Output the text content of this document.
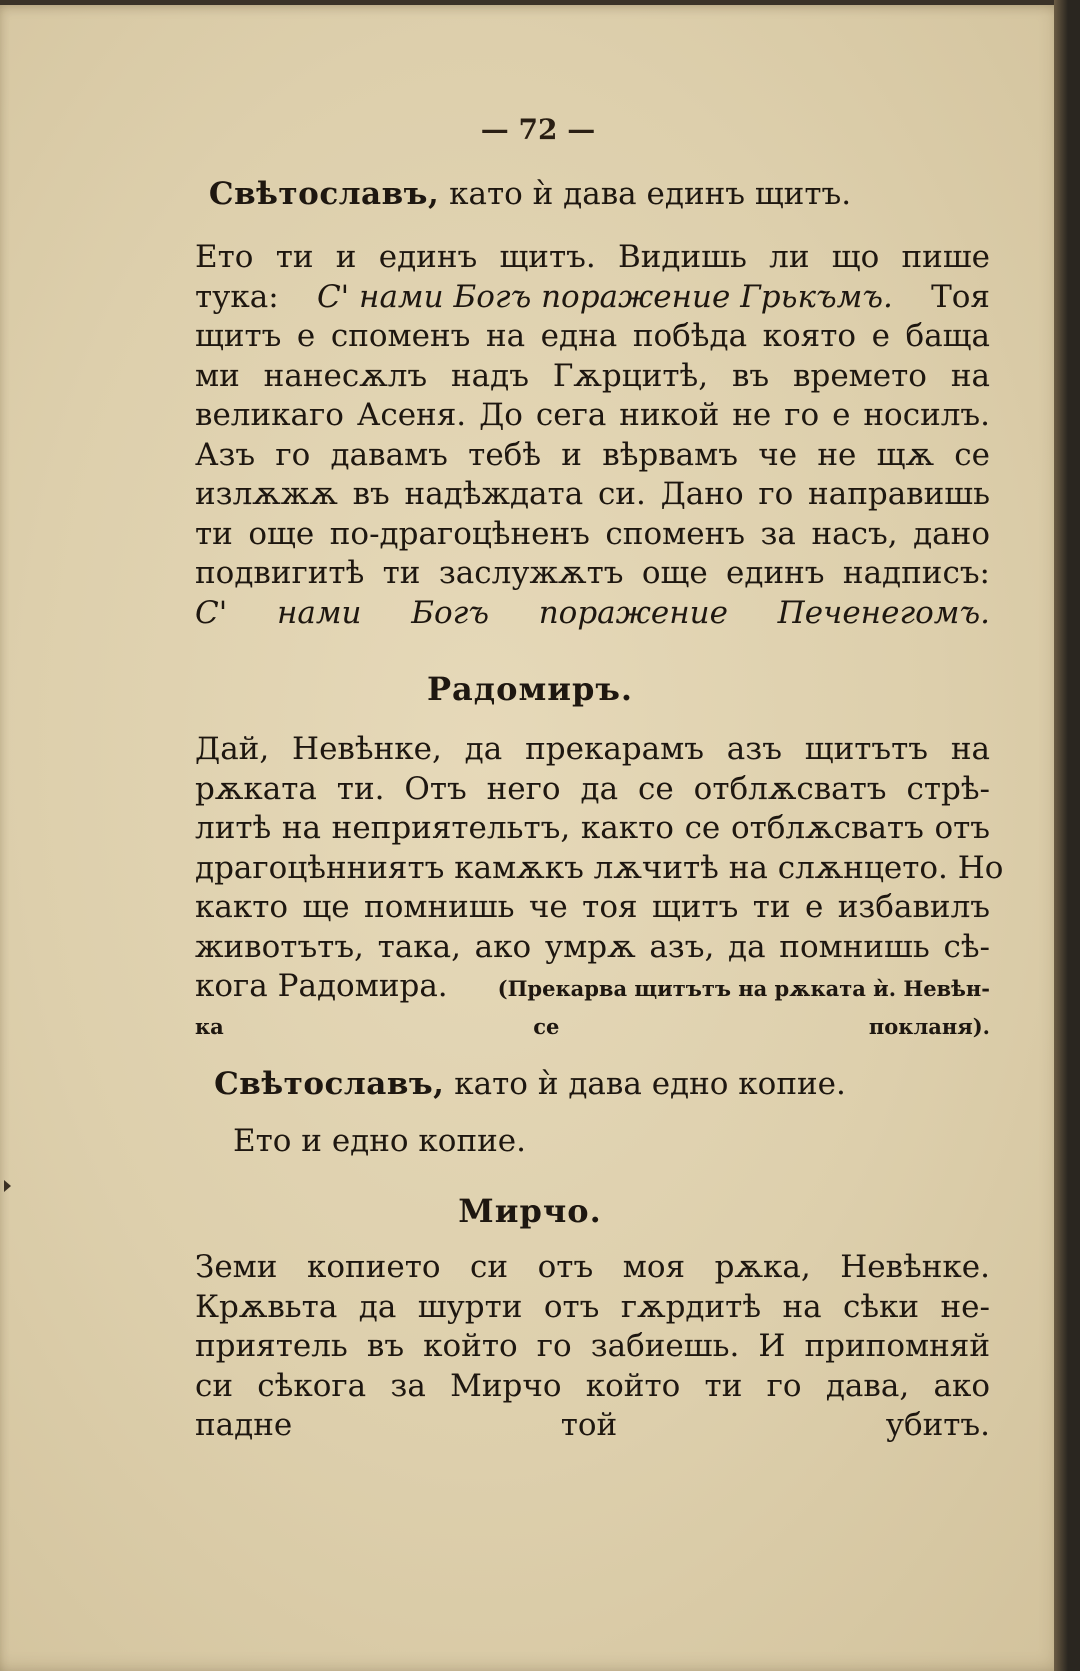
— 72 —
Свѣтославъ, като ѝ дава единъ щитъ.
Ето ти и единъ щитъ. Видишь ли що пише
тука: С' нами Богъ поражение Грькъмъ. Тоя
щитъ е споменъ на една побѣда която е баща
ми нанесѫлъ надъ Гѫрцитѣ, въ времето на
великаго Асеня. До сега никой не го е носилъ.
Азъ го давамъ тебѣ и вѣрвамъ че не щѫ се
излѫжѫ въ надѣждата си. Дано го направишь
ти още по-драгоцѣненъ споменъ за насъ, дано
подвигитѣ ти заслужѫтъ още единъ надписъ:
С' нами Богъ поражение Печенегомъ.
Радомиръ.
Дай, Невѣнке, да прекарамъ азъ щитътъ на
рѫката ти. Отъ него да се отблѫсватъ стрѣ-
литѣ на неприятельтъ, както се отблѫсватъ отъ
драгоцѣнниятъ камѫкъ лѫчитѣ на слѫнцето. Но
както ще помнишь че тоя щитъ ти е избавилъ
животътъ, така, ако умрѫ азъ, да помнишь сѣ-
кога Радомира. (Прекарва щитътъ на рѫката ѝ. Невѣн-
ка се покланя).
Свѣтославъ, като ѝ дава едно копие.
Ето и едно копие.
Мирчо.
Земи копието си отъ моя рѫка, Невѣнке.
Крѫвьта да шурти отъ гѫрдитѣ на сѣки не-
приятель въ който го забиешь. И припомняй
си сѣкога за Мирчо който ти го дава, ако
падне той убитъ.
